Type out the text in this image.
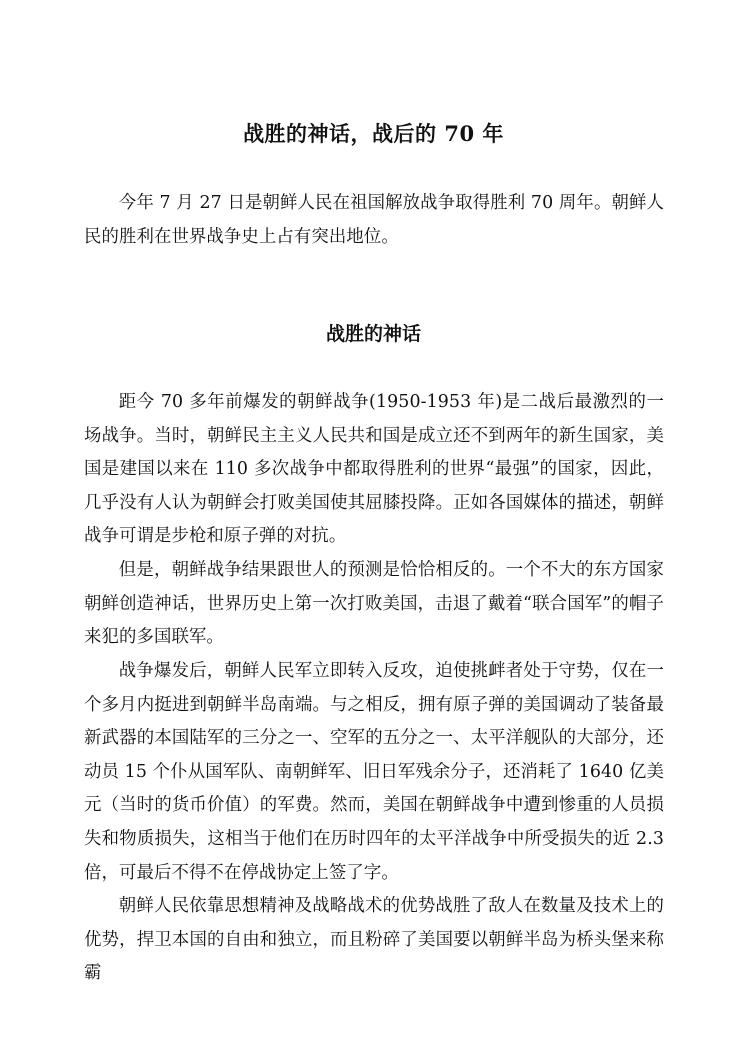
战胜的神话，战后的 70 年

今年 7 月 27 日是朝鲜人民在祖国解放战争取得胜利 70 周年。朝鲜人民的胜利在世界战争史上占有突出地位。

战胜的神话

距今 70 多年前爆发的朝鲜战争(1950-1953 年)是二战后最激烈的一场战争。当时，朝鲜民主主义人民共和国是成立还不到两年的新生国家，美国是建国以来在 110 多次战争中都取得胜利的世界“最强”的国家，因此，几乎没有人认为朝鲜会打败美国使其屈膝投降。正如各国媒体的描述，朝鲜战争可谓是步枪和原子弹的对抗。

但是，朝鲜战争结果跟世人的预测是恰恰相反的。一个不大的东方国家朝鲜创造神话，世界历史上第一次打败美国，击退了戴着“联合国军”的帽子来犯的多国联军。

战争爆发后，朝鲜人民军立即转入反攻，迫使挑衅者处于守势，仅在一个多月内挺进到朝鲜半岛南端。与之相反，拥有原子弹的美国调动了装备最新武器的本国陆军的三分之一、空军的五分之一、太平洋舰队的大部分，还动员 15 个仆从国军队、南朝鲜军、旧日军残余分子，还消耗了 1640 亿美元（当时的货币价值）的军费。然而，美国在朝鲜战争中遭到惨重的人员损失和物质损失，这相当于他们在历时四年的太平洋战争中所受损失的近 2.3 倍，可最后不得不在停战协定上签了字。

朝鲜人民依靠思想精神及战略战术的优势战胜了敌人在数量及技术上的优势，捍卫本国的自由和独立，而且粉碎了美国要以朝鲜半岛为桥头堡来称霸
